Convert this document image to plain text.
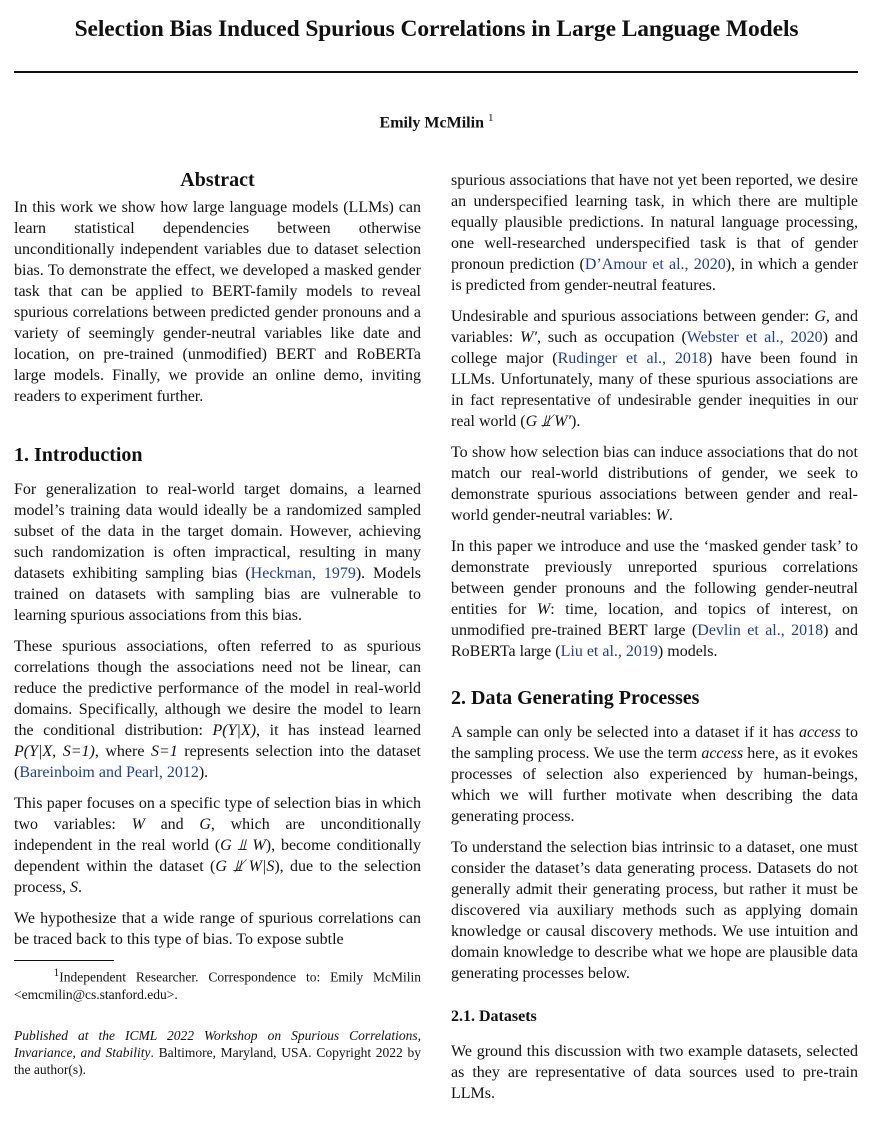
Selection Bias Induced Spurious Correlations in Large Language Models
Emily McMilin $^1$
Abstract

In this work we show how large language models (LLMs) can learn statistical dependencies between otherwise unconditionally independent variables due to dataset selection bias. To demonstrate the effect, we developed a masked gender task that can be applied to BERT-family models to reveal spurious correlations between predicted gender pronouns and a variety of seemingly gender-neutral variables like date and location, on pre-trained (unmodified) BERT and RoBERTa large models. Finally, we provide an online demo, inviting readers to experiment further.

1. Introduction

For generalization to real-world target domains, a learned model’s training data would ideally be a randomized sampled subset of the data in the target domain. However, achieving such randomization is often impractical, resulting in many datasets exhibiting sampling bias (Heckman, 1979). Models trained on datasets with sampling bias are vulnerable to learning spurious associations from this bias.

These spurious associations, often referred to as spurious correlations though the associations need not be linear, can reduce the predictive performance of the model in real-world domains. Specifically, although we desire the model to learn the conditional distribution: P(Y|X), it has instead learned P(Y|X, S=1), where S=1 represents selection into the dataset (Bareinboim and Pearl, 2012).

This paper focuses on a specific type of selection bias in which two variables: W and G, which are unconditionally independent in the real world (G ⫫ W), become conditionally dependent within the dataset (G ⫫̸ W|S), due to the selection process, S.

We hypothesize that a wide range of spurious correlations can be traced back to this type of bias. To expose subtle

$^1$Independent Researcher. Correspondence to: Emily McMilin <emcmilin@cs.stanford.edu>.

Published at the ICML 2022 Workshop on Spurious Correlations, Invariance, and Stability. Baltimore, Maryland, USA. Copyright 2022 by the author(s).

spurious associations that have not yet been reported, we desire an underspecified learning task, in which there are multiple equally plausible predictions. In natural language processing, one well-researched underspecified task is that of gender pronoun prediction (D’Amour et al., 2020), in which a gender is predicted from gender-neutral features.

Undesirable and spurious associations between gender: G, and variables: W′, such as occupation (Webster et al., 2020) and college major (Rudinger et al., 2018) have been found in LLMs. Unfortunately, many of these spurious associations are in fact representative of undesirable gender inequities in our real world (G ⫫̸ W′).

To show how selection bias can induce associations that do not match our real-world distributions of gender, we seek to demonstrate spurious associations between gender and real-world gender-neutral variables: W.

In this paper we introduce and use the ‘masked gender task’ to demonstrate previously unreported spurious correlations between gender pronouns and the following gender-neutral entities for W: time, location, and topics of interest, on unmodified pre-trained BERT large (Devlin et al., 2018) and RoBERTa large (Liu et al., 2019) models.

2. Data Generating Processes

A sample can only be selected into a dataset if it has access to the sampling process. We use the term access here, as it evokes processes of selection also experienced by human-beings, which we will further motivate when describing the data generating process.

To understand the selection bias intrinsic to a dataset, one must consider the dataset’s data generating process. Datasets do not generally admit their generating process, but rather it must be discovered via auxiliary methods such as applying domain knowledge or causal discovery methods. We use intuition and domain knowledge to describe what we hope are plausible data generating processes below.

2.1. Datasets

We ground this discussion with two example datasets, selected as they are representative of data sources used to pre-train LLMs.
